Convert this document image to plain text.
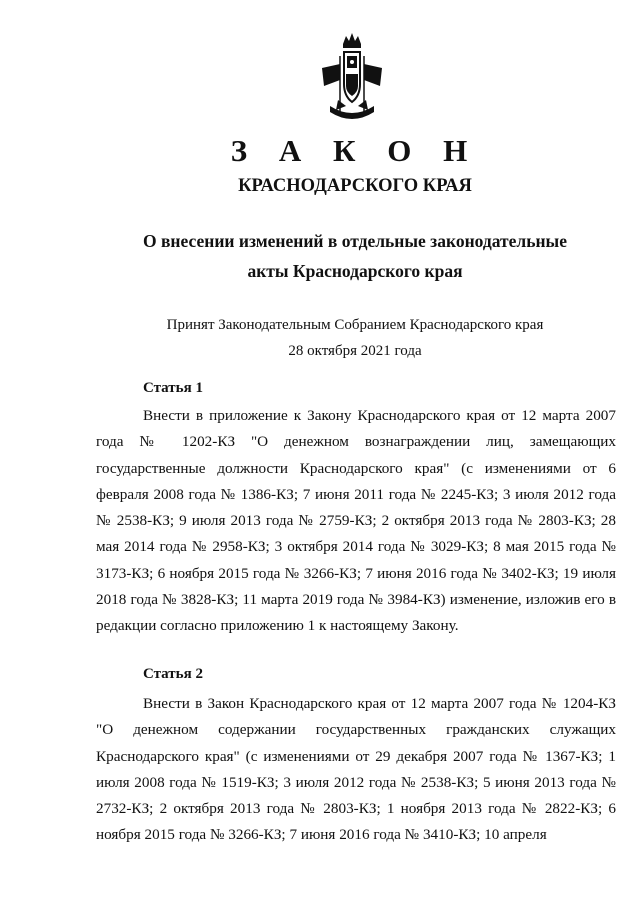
З А К О Н
КРАСНОДАРСКОГО КРАЯ
О внесении изменений в отдельные законодательные
акты Краснодарского края
Принят Законодательным Собранием Краснодарского края
28 октября 2021 года
Статья 1

Внести в приложение к Закону Краснодарского края от 12 марта 2007 года № 1202-КЗ "О денежном вознаграждении лиц, замещающих государственные должности Краснодарского края" (с изменениями от 6 февраля 2008 года № 1386-КЗ; 7 июня 2011 года № 2245-КЗ; 3 июля 2012 года № 2538-КЗ; 9 июля 2013 года № 2759-КЗ; 2 октября 2013 года № 2803-КЗ; 28 мая 2014 года № 2958-КЗ; 3 октября 2014 года № 3029-КЗ; 8 мая 2015 года № 3173-КЗ; 6 ноября 2015 года № 3266-КЗ; 7 июня 2016 года № 3402-КЗ; 19 июля 2018 года № 3828-КЗ; 11 марта 2019 года № 3984-КЗ) изменение, изложив его в редакции согласно приложению 1 к настоящему Закону.

Статья 2

Внести в Закон Краснодарского края от 12 марта 2007 года № 1204-КЗ "О денежном содержании государственных гражданских служащих Краснодарского края" (с изменениями от 29 декабря 2007 года № 1367-КЗ; 1 июля 2008 года № 1519-КЗ; 3 июля 2012 года № 2538-КЗ; 5 июня 2013 года № 2732-КЗ; 2 октября 2013 года № 2803-КЗ; 1 ноября 2013 года № 2822-КЗ; 6 ноября 2015 года № 3266-КЗ; 7 июня 2016 года № 3410-КЗ; 10 апреля
